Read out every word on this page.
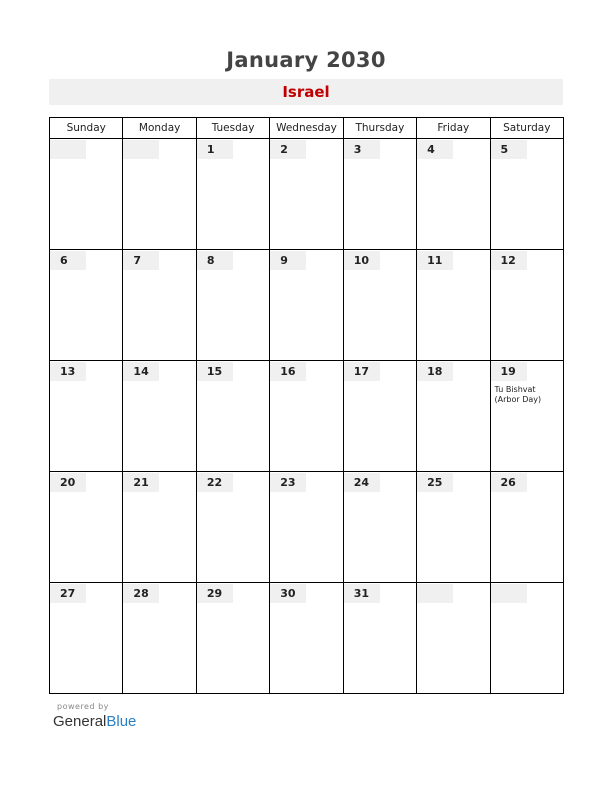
January 2030
Israel
Sunday	Monday	Tuesday	Wednesday	Thursday	Friday	Saturday

		1	2	3	4	5

6	7	8	9	10	11	12

13	14	15	16	17	18	19
Tu Bishvat
(Arbor Day)

20	21	22	23	24	25	26

27	28	29	30	31		

powered by
GeneralBlue
